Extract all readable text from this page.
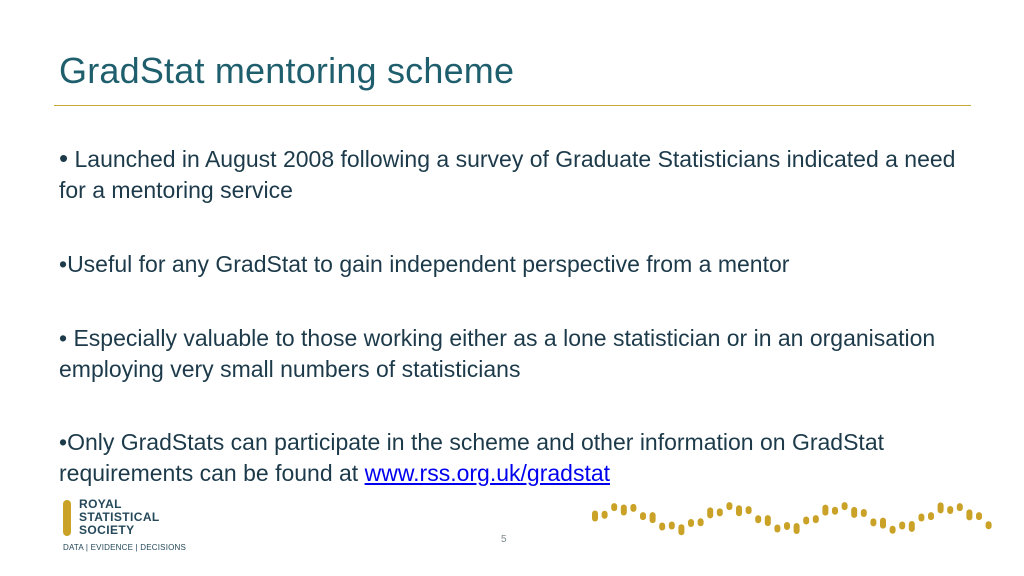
GradStat mentoring scheme

• Launched in August 2008 following a survey of Graduate Statisticians indicated a need for a mentoring service

•Useful for any GradStat to gain independent perspective from a mentor

• Especially valuable to those working either as a lone statistician or in an organisation employing very small numbers of statisticians

•Only GradStats can participate in the scheme and other information on GradStat requirements can be found at www.rss.org.uk/gradstat

ROYAL
STATISTICAL
SOCIETY
DATA | EVIDENCE | DECISIONS
5
